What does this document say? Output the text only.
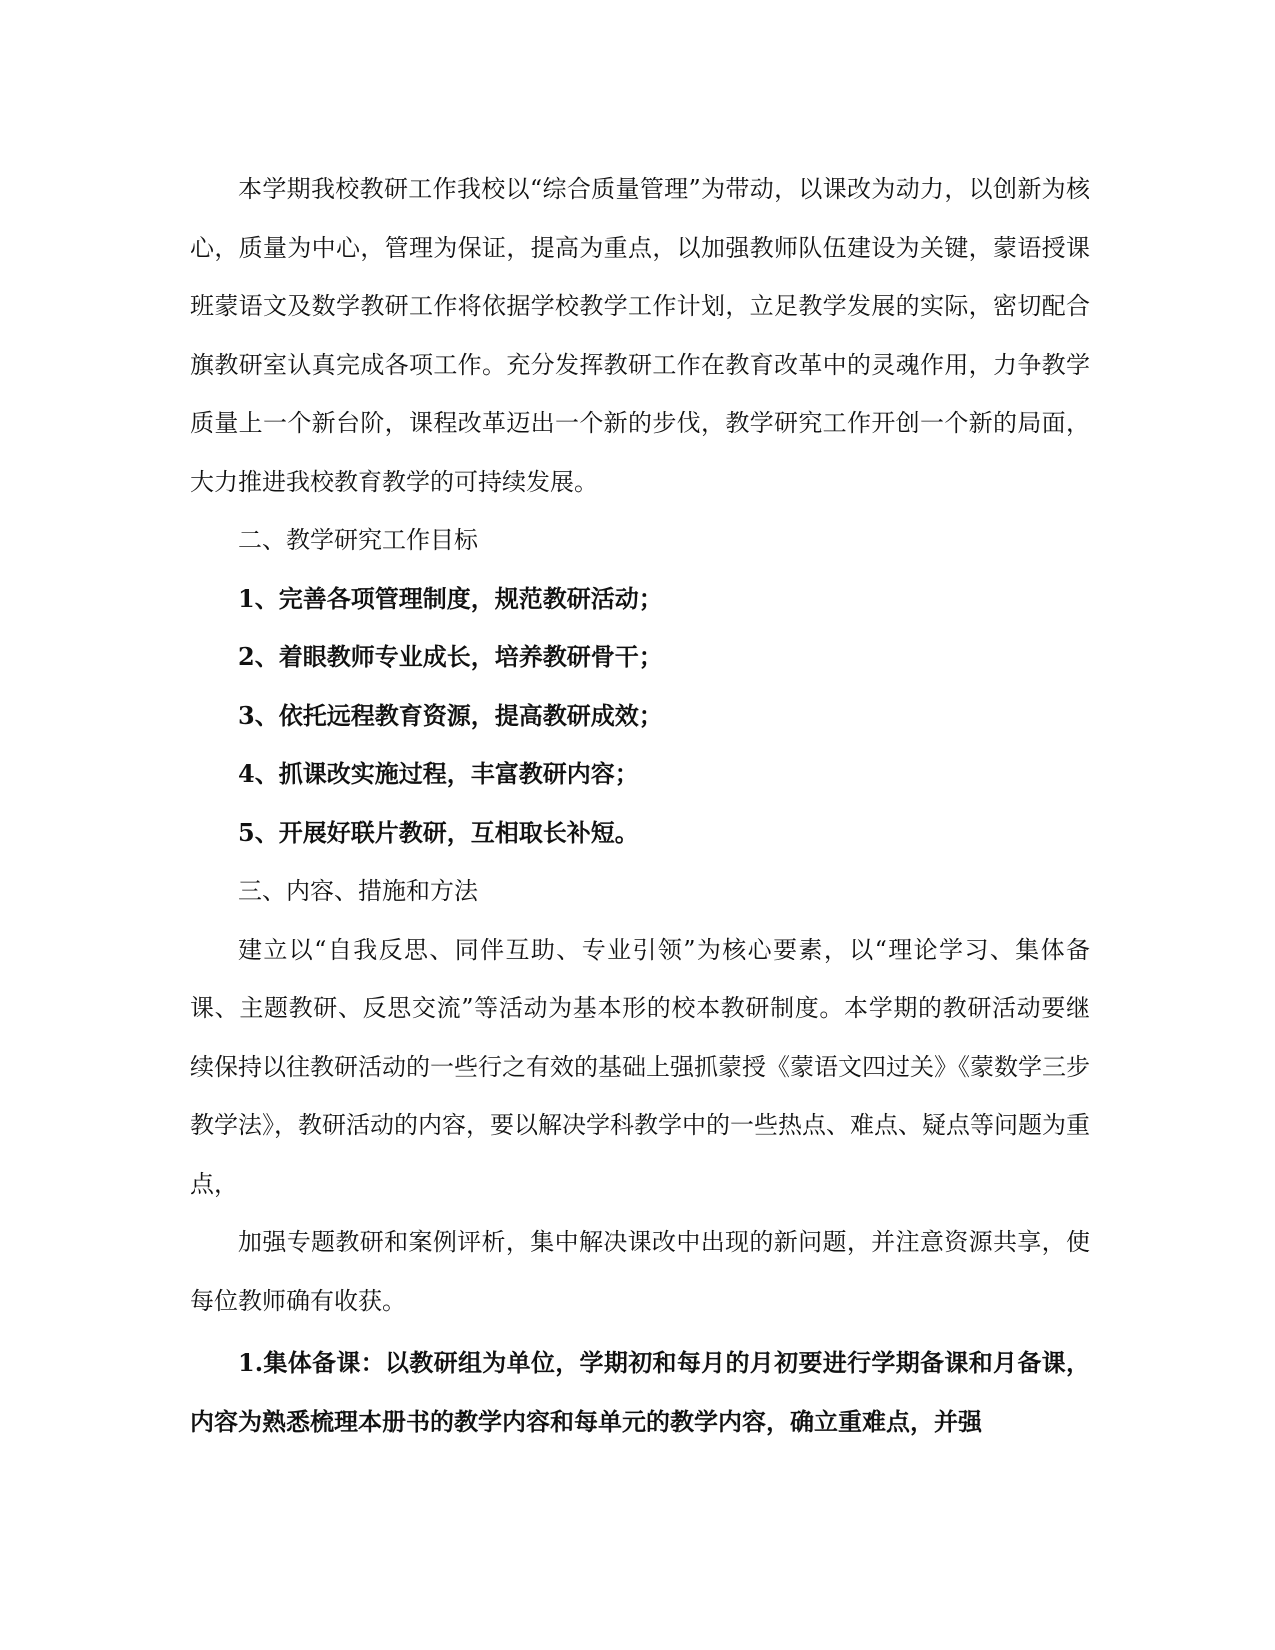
本学期我校教研工作我校以“综合质量管理”为带动，以课改为动力，以创新为核心，质量为中心，管理为保证，提高为重点，以加强教师队伍建设为关键，蒙语授课班蒙语文及数学教研工作将依据学校教学工作计划，立足教学发展的实际，密切配合旗教研室认真完成各项工作。充分发挥教研工作在教育改革中的灵魂作用，力争教学质量上一个新台阶，课程改革迈出一个新的步伐，教学研究工作开创一个新的局面，大力推进我校教育教学的可持续发展。

二、教学研究工作目标

1、完善各项管理制度，规范教研活动；

2、着眼教师专业成长，培养教研骨干；

3、依托远程教育资源，提高教研成效；

4、抓课改实施过程，丰富教研内容；

5、开展好联片教研，互相取长补短。

三、内容、措施和方法

建立以“自我反思、同伴互助、专业引领”为核心要素，以“理论学习、集体备课、主题教研、反思交流”等活动为基本形的校本教研制度。本学期的教研活动要继续保持以往教研活动的一些行之有效的基础上强抓蒙授《蒙语文四过关》《蒙数学三步教学法》，教研活动的内容，要以解决学科教学中的一些热点、难点、疑点等问题为重点，

加强专题教研和案例评析，集中解决课改中出现的新问题，并注意资源共享，使每位教师确有收获。

1.集体备课：以教研组为单位，学期初和每月的月初要进行学期备课和月备课，内容为熟悉梳理本册书的教学内容和每单元的教学内容，确立重难点，并强
